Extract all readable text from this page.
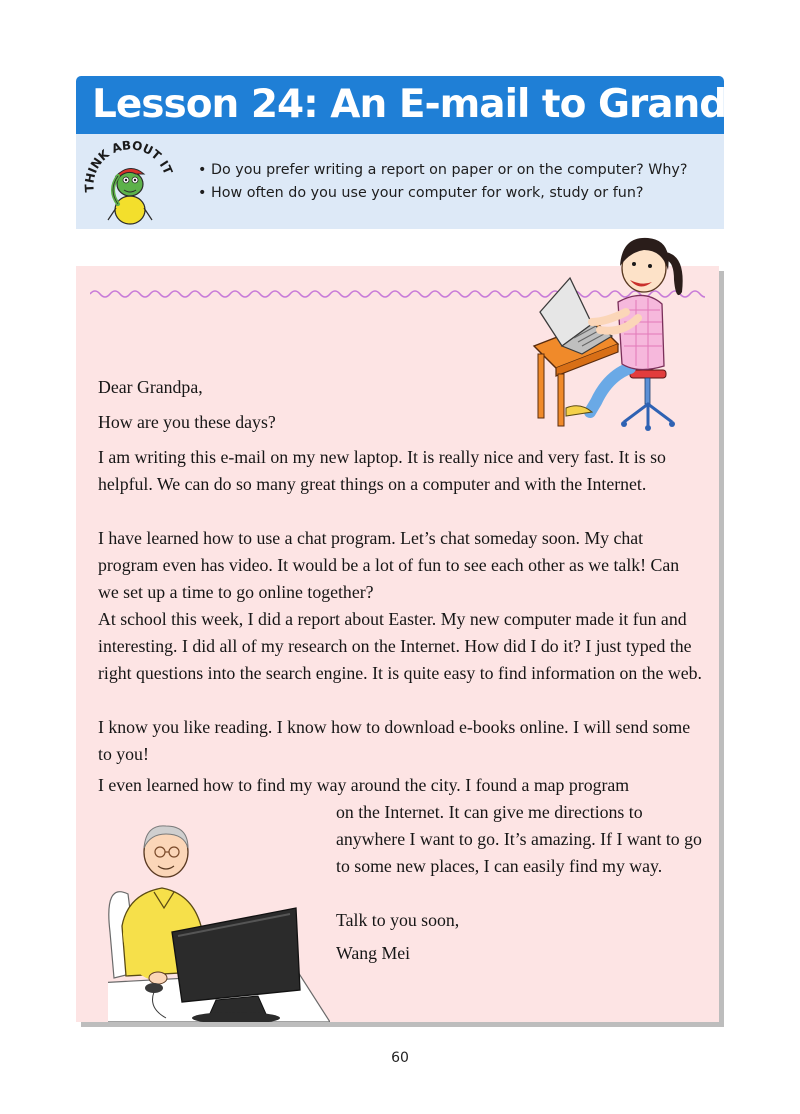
Lesson 24: An E-mail to Grandpa
THINK ABOUT IT
•	Do you prefer writing a report on paper or on the computer? Why?
• How often do you use your computer for work, study or fun?

Dear Grandpa,

How are you these days?

I am writing this e-mail on my new laptop. It is really nice and very fast. It is so helpful. We can do so many great things on a computer and with the Internet.

I have learned how to use a chat program. Let’s chat someday soon. My chat program even has video. It would be a lot of fun to see each other as we talk! Can we set up a time to go online together?

At school this week, I did a report about Easter. My new computer made it fun and interesting. I did all of my research on the Internet. How did I do it? I just typed the right questions into the search engine. It is quite easy to find information on the web.

I know you like reading. I know how to download e-books online. I will send some to you!

I even learned how to find my way around the city. I found a map program

on the Internet. It can give me directions to anywhere I want to go. It’s amazing. If I want to go to some new places, I can easily find my way.

Talk to you soon,

Wang Mei

60
